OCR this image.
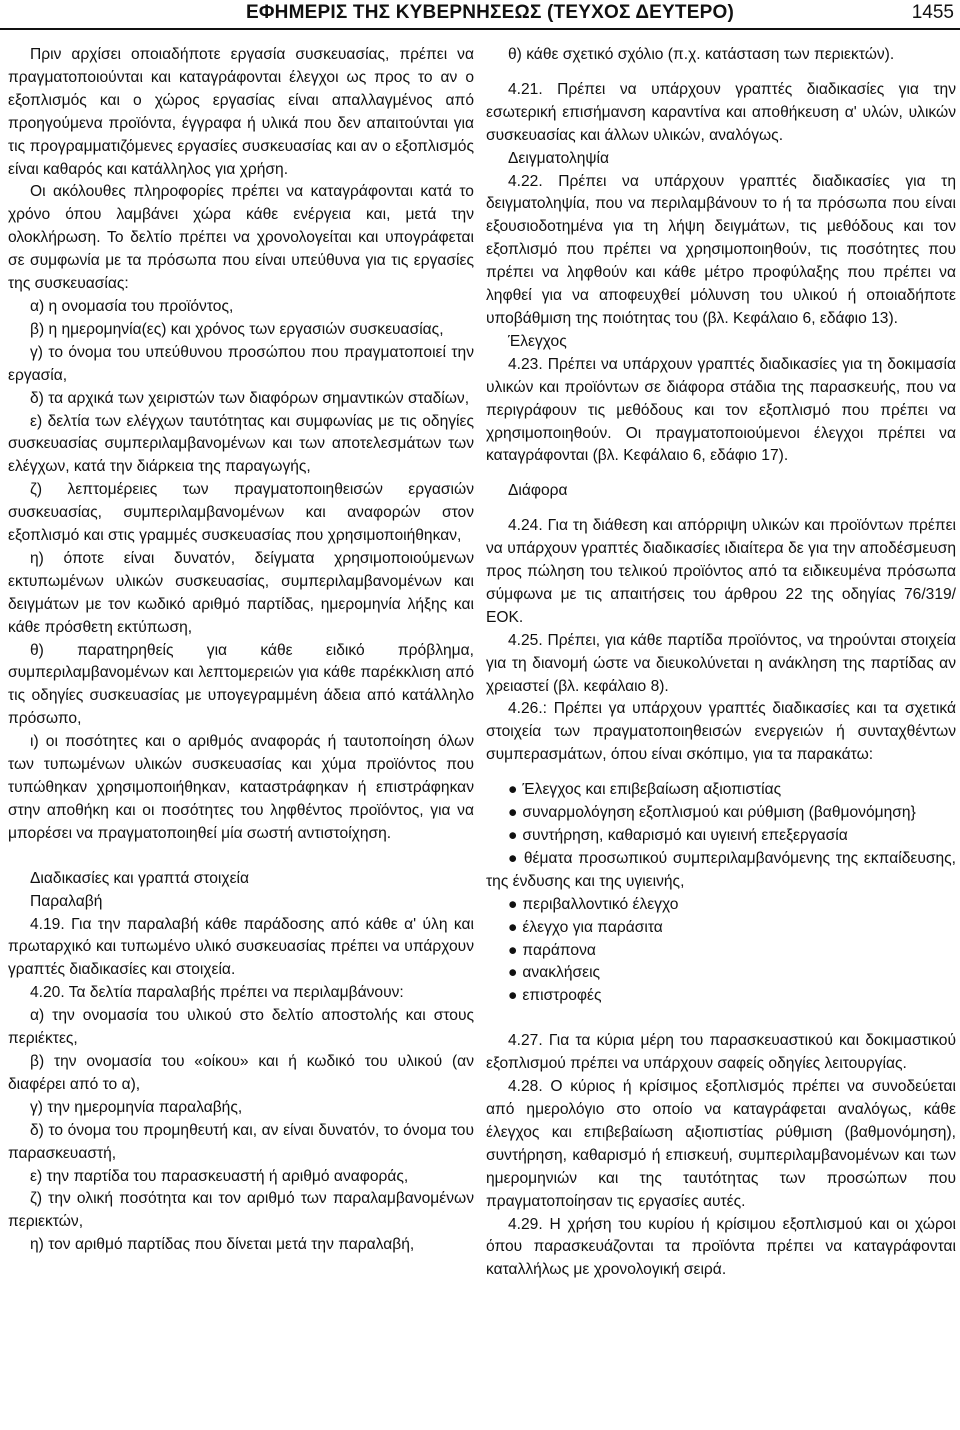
ΕΦΗΜΕΡΙΣ ΤΗΣ ΚΥΒΕΡΝΗΣΕΩΣ (ΤΕΥΧΟΣ ΔΕΥΤΕΡΟ)	1455

Πριν αρχίσει οποιαδήποτε εργασία συσκευασίας, πρέπει να πραγματοποιούνται και καταγράφονται έλεγχοι ως προς το αν ο εξοπλισμός και ο χώρος εργασίας είναι απαλλαγμένος από προηγούμενα προϊόντα, έγγραφα ή υλικά που δεν απαιτούνται για τις προγραμματιζόμενες εργασίες συσκευασίας και αν ο εξοπλισμός είναι καθαρός και κατάλληλος για χρήση.

Οι ακόλουθες πληροφορίες πρέπει να καταγράφονται κατά το χρόνο όπου λαμβάνει χώρα κάθε ενέργεια και, μετά την ολοκλήρωση. Το δελτίο πρέπει να χρονολογείται και υπογράφεται σε συμφωνία με τα πρόσωπα που είναι υπεύθυνα για τις εργασίες της συσκευασίας:

α) η ονομασία του προϊόντος,

β) η ημερομηνία(ες) και χρόνος των εργασιών συσκευασίας,

γ) το όνομα του υπεύθυνου προσώπου που πραγματοποιεί την εργασία,

δ) τα αρχικά των χειριστών των διαφόρων σημαντικών σταδίων,

ε) δελτία των ελέγχων ταυτότητας και συμφωνίας με τις οδηγίες συσκευασίας συμπεριλαμβανομένων και των αποτελεσμάτων των ελέγχων, κατά την διάρκεια της παραγωγής,

ζ) λεπτομέρειες των πραγματοποιηθεισών εργασιών συσκευασίας, συμπεριλαμβανομένων και αναφορών στον εξοπλισμό και στις γραμμές συσκευασίας που χρησιμοποιήθηκαν,

η) όποτε είναι δυνατόν, δείγματα χρησιμοποιούμενων εκτυπωμένων υλικών συσκευασίας, συμπεριλαμβανομένων και δειγμάτων με τον κωδικό αριθμό παρτίδας, ημερομηνία λήξης και κάθε πρόσθετη εκτύπωση,

θ) παρατηρηθείς για κάθε ειδικό πρόβλημα, συμπεριλαμβανομένων και λεπτομερειών για κάθε παρέκκλιση από τις οδηγίες συσκευασίας με υπογεγραμμένη άδεια από κατάλληλο πρόσωπο,

ι) οι ποσότητες και ο αριθμός αναφοράς ή ταυτοποίηση όλων των τυπωμένων υλικών συσκευασίας και χύμα προϊόντος που τυπώθηκαν χρησιμοποιήθηκαν, καταστράφηκαν ή επιστράφηκαν στην αποθήκη και οι ποσότητες του ληφθέντος προϊόντος, για να μπορέσει να πραγματοποιηθεί μία σωστή αντιστοίχηση.

Διαδικασίες και γραπτά στοιχεία

Παραλαβή

4.19. Για την παραλαβή κάθε παράδοσης από κάθε α' ύλη και πρωταρχικό και τυπωμένο υλικό συσκευασίας πρέπει να υπάρχουν γραπτές διαδικασίες και στοιχεία.

4.20. Τα δελτία παραλαβής πρέπει να περιλαμβάνουν:

α) την ονομασία του υλικού στο δελτίο αποστολής και στους περιέκτες,

β) την ονομασία του «οίκου» και ή κωδικό του υλικού (αν διαφέρει από το α),

γ) την ημερομηνία παραλαβής,

δ) το όνομα του προμηθευτή και, αν είναι δυνατόν, το όνομα του παρασκευαστή,

ε) την παρτίδα του παρασκευαστή ή αριθμό αναφοράς,

ζ) την ολική ποσότητα και τον αριθμό των παραλαμβανομένων περιεκτών,

η) τον αριθμό παρτίδας που δίνεται μετά την παραλαβή,

θ) κάθε σχετικό σχόλιο (π.χ. κατάσταση των περιεκτών).

4.21. Πρέπει να υπάρχουν γραπτές διαδικασίες για την εσωτερική επισήμανση καραντίνα και αποθήκευση α' υλών, υλικών συσκευασίας και άλλων υλικών, αναλόγως.

Δειγματοληψία

4.22. Πρέπει να υπάρχουν γραπτές διαδικασίες για τη δειγματοληψία, που να περιλαμβάνουν το ή τα πρόσωπα που είναι εξουσιοδοτημένα για τη λήψη δειγμάτων, τις μεθόδους και τον εξοπλισμό που πρέπει να χρησιμοποιηθούν, τις ποσότητες που πρέπει να ληφθούν και κάθε μέτρο προφύλαξης που πρέπει να ληφθεί για να αποφευχθεί μόλυνση του υλικού ή οποιαδήποτε υποβάθμιση της ποιότητας του (βλ. Κεφάλαιο 6, εδάφιο 13).

Έλεγχος

4.23. Πρέπει να υπάρχουν γραπτές διαδικασίες για τη δοκιμασία υλικών και προϊόντων σε διάφορα στάδια της παρασκευής, που να περιγράφουν τις μεθόδους και τον εξοπλισμό που πρέπει να χρησιμοποιηθούν. Οι πραγματοποιούμενοι έλεγχοι πρέπει να καταγράφονται (βλ. Κεφάλαιο 6, εδάφιο 17).

Διάφορα

4.24. Για τη διάθεση και απόρριψη υλικών και προϊόντων πρέπει να υπάρχουν γραπτές διαδικασίες ιδιαίτερα δε για την αποδέσμευση προς πώληση του τελικού προϊόντος από τα ειδικευμένα πρόσωπα σύμφωνα με τις απαιτήσεις του άρθρου 22 της οδηγίας 76/319/ΕΟΚ.

4.25. Πρέπει, για κάθε παρτίδα προϊόντος, να τηρούνται στοιχεία για τη διανομή ώστε να διευκολύνεται η ανάκληση της παρτίδας αν χρειαστεί (βλ. κεφάλαιο 8).

4.26.: Πρέπει γα υπάρχουν γραπτές διαδικασίες και τα σχετικά στοιχεία των πραγματοποιηθεισών ενεργειών ή συνταχθέντων συμπερασμάτων, όπου είναι σκόπιμο, για τα παρακάτω:

● Έλεγχος και επιβεβαίωση αξιοπιστίας

● συναρμολόγηση εξοπλισμού και ρύθμιση (βαθμονόμηση}

● συντήρηση, καθαρισμό και υγιεινή επεξεργασία

● θέματα προσωπικού συμπεριλαμβανόμενης της εκπαίδευσης, της ένδυσης και της υγιεινής,

● περιβαλλοντικό έλεγχο

● έλεγχο για παράσιτα

● παράπονα

● ανακλήσεις

● επιστροφές

4.27. Για τα κύρια μέρη του παρασκευαστικού και δοκιμαστικού εξοπλισμού πρέπει να υπάρχουν σαφείς οδηγίες λειτουργίας.

4.28. Ο κύριος ή κρίσιμος εξοπλισμός πρέπει να συνοδεύεται από ημερολόγιο στο οποίο να καταγράφεται αναλόγως, κάθε έλεγχος και επιβεβαίωση αξιοπιστίας ρύθμιση (βαθμονόμηση), συντήρηση, καθαρισμό ή επισκευή, συμπεριλαμβανομένων και των ημερομηνιών και της ταυτότητας των προσώπων που πραγματοποίησαν τις εργασίες αυτές.

4.29. Η χρήση του κυρίου ή κρίσιμου εξοπλισμού και οι χώροι όπου παρασκευάζονται τα προϊόντα πρέπει να καταγράφονται καταλλήλως με χρονολογική σειρά.
